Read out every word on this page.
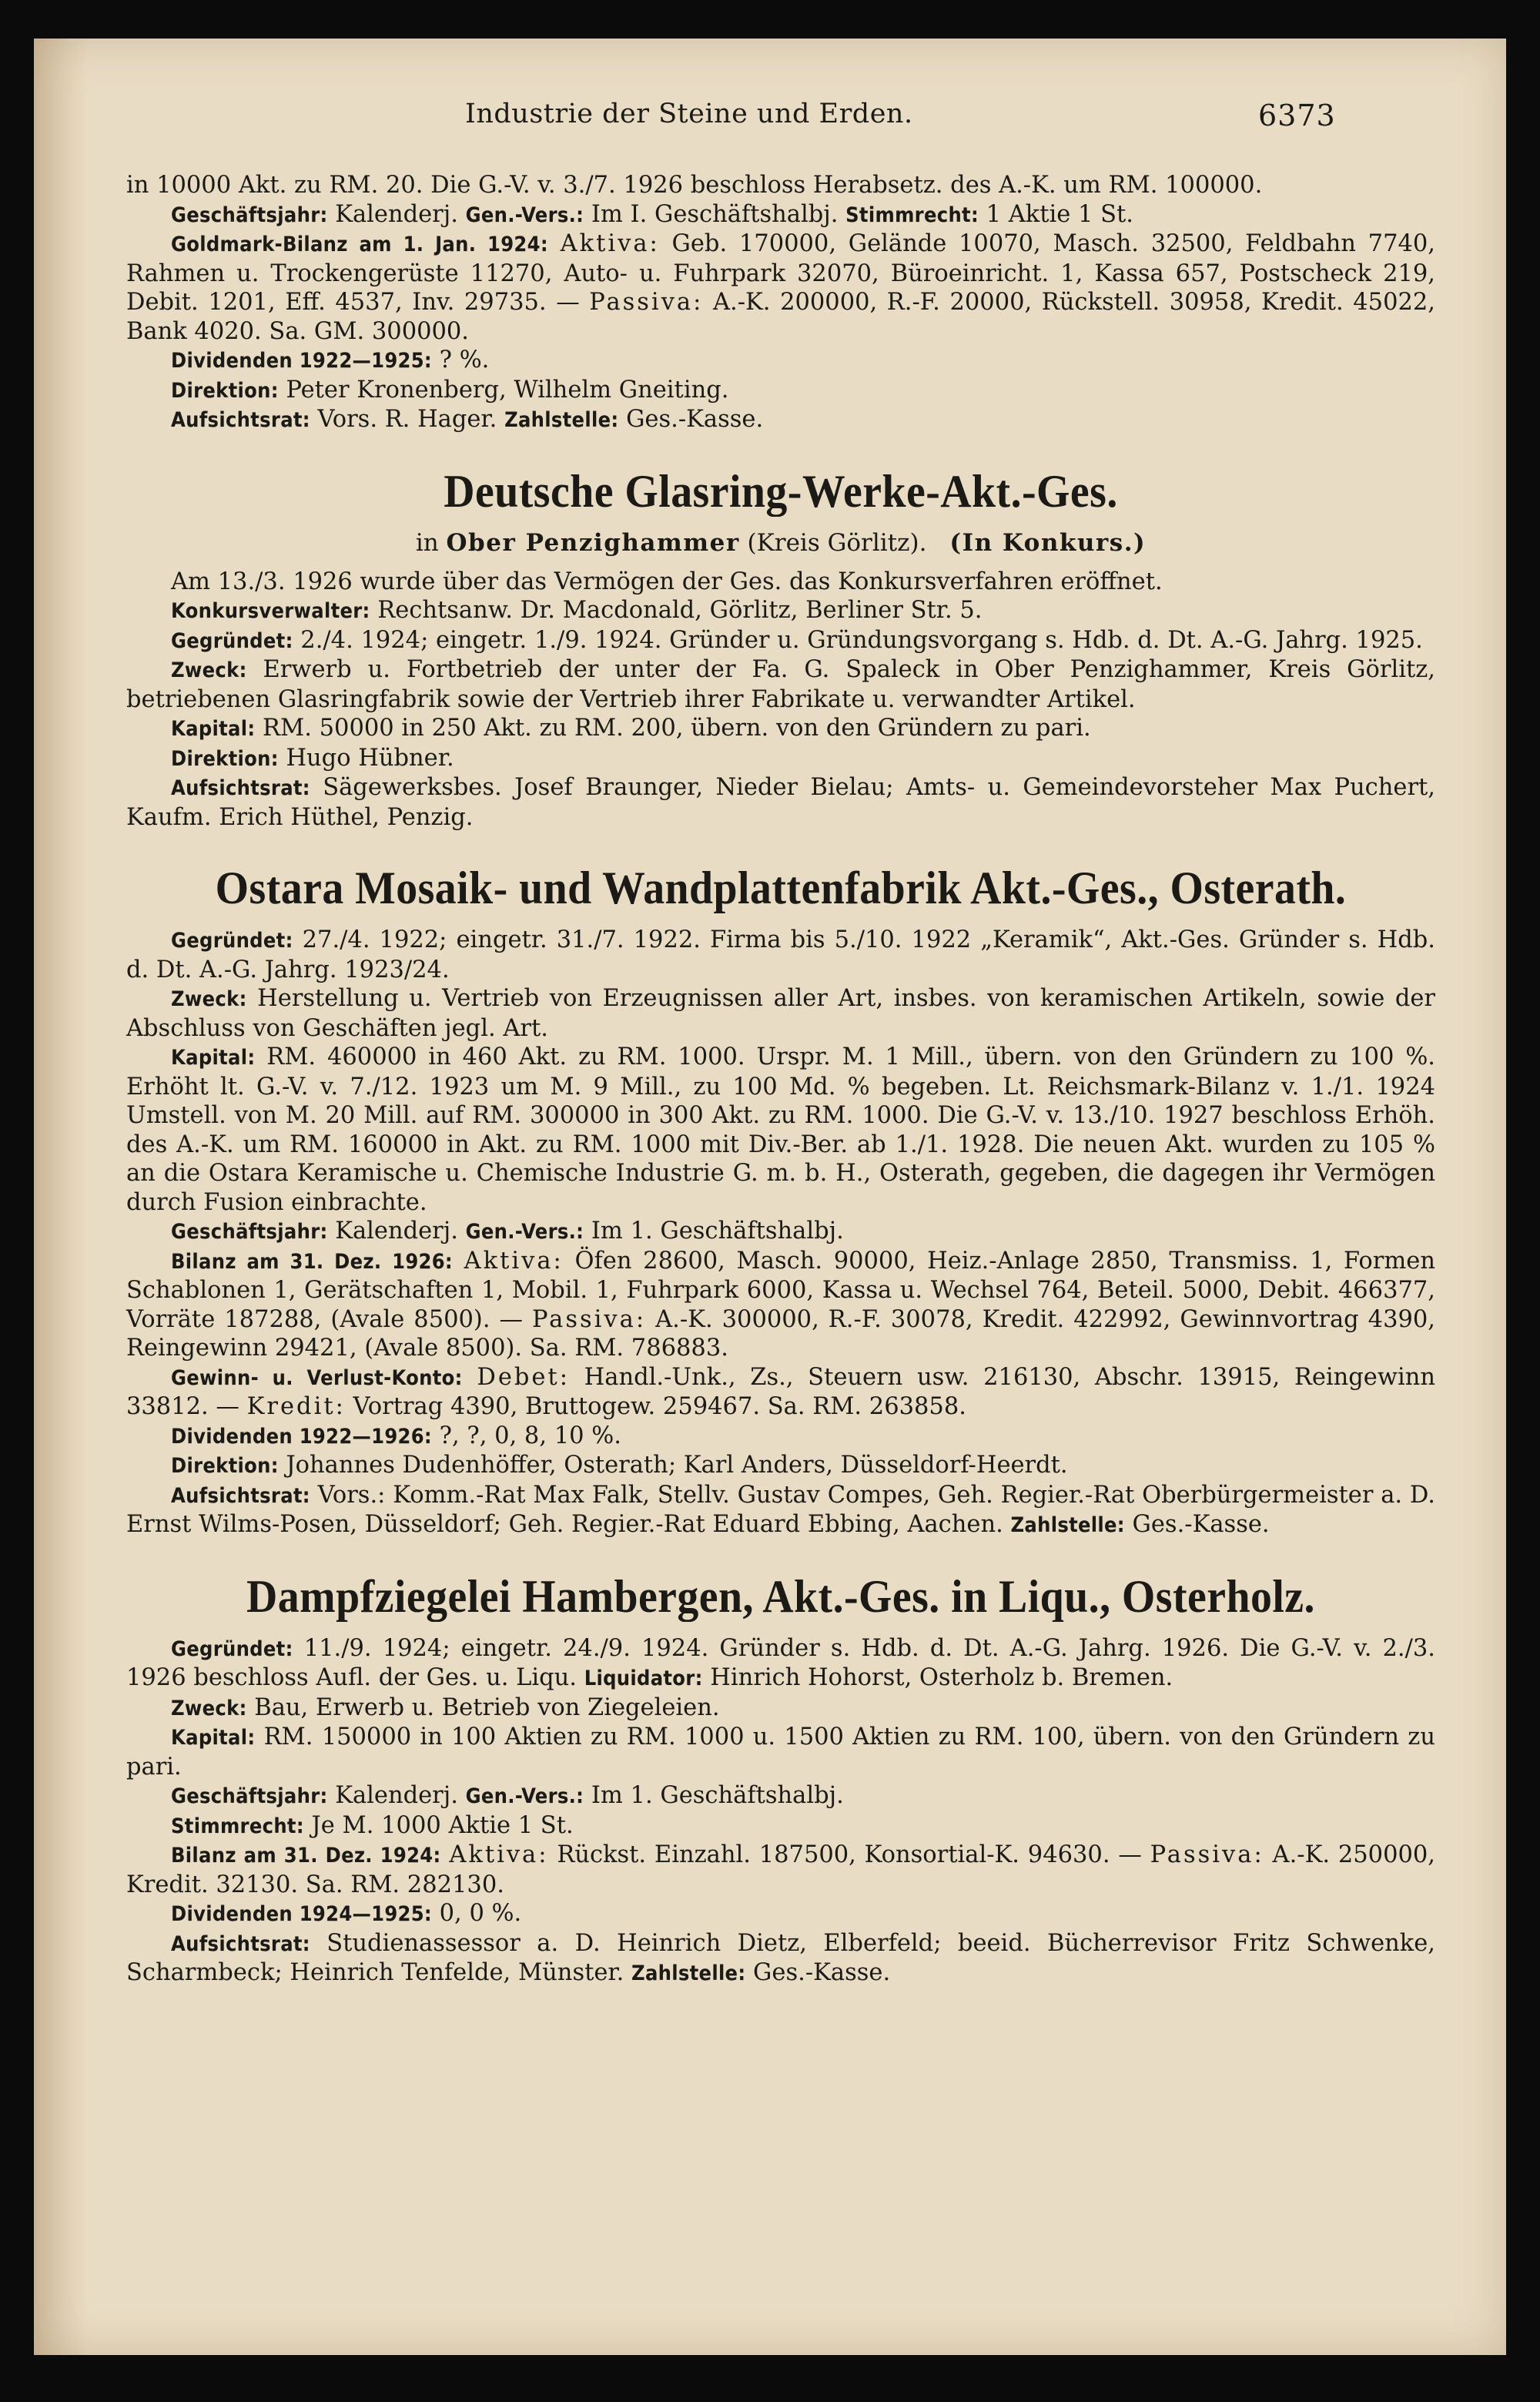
Industrie der Steine und Erden.	6373

in 10000 Akt. zu RM. 20. Die G.-V. v. 3./7. 1926 beschloss Herabsetz. des A.-K. um RM. 100000.

Geschäftsjahr: Kalenderj. Gen.-Vers.: Im I. Geschäftshalbj. Stimmrecht: 1 Aktie 1 St.

Goldmark-Bilanz am 1. Jan. 1924: Aktiva: Geb. 170000, Gelände 10070, Masch. 32500, Feldbahn 7740, Rahmen u. Trockengerüste 11270, Auto- u. Fuhrpark 32070, Büroeinricht. 1, Kassa 657, Postscheck 219, Debit. 1201, Eff. 4537, Inv. 29735. — Passiva: A.-K. 200000, R.-F. 20000, Rückstell. 30958, Kredit. 45022, Bank 4020. Sa. GM. 300000.

Dividenden 1922—1925: ? %.

Direktion: Peter Kronenberg, Wilhelm Gneiting.

Aufsichtsrat: Vors. R. Hager. Zahlstelle: Ges.-Kasse.

Deutsche Glasring-Werke-Akt.-Ges.
in Ober Penzighammer (Kreis Görlitz). (In Konkurs.)

Am 13./3. 1926 wurde über das Vermögen der Ges. das Konkursverfahren eröffnet.

Konkursverwalter: Rechtsanw. Dr. Macdonald, Görlitz, Berliner Str. 5.

Gegründet: 2./4. 1924; eingetr. 1./9. 1924. Gründer u. Gründungsvorgang s. Hdb. d. Dt. A.-G. Jahrg. 1925.

Zweck: Erwerb u. Fortbetrieb der unter der Fa. G. Spaleck in Ober Penzighammer, Kreis Görlitz, betriebenen Glasringfabrik sowie der Vertrieb ihrer Fabrikate u. verwandter Artikel.

Kapital: RM. 50000 in 250 Akt. zu RM. 200, übern. von den Gründern zu pari.

Direktion: Hugo Hübner.

Aufsichtsrat: Sägewerksbes. Josef Braunger, Nieder Bielau; Amts- u. Gemeindevorsteher Max Puchert, Kaufm. Erich Hüthel, Penzig.

Ostara Mosaik- und Wandplattenfabrik Akt.-Ges., Osterath.

Gegründet: 27./4. 1922; eingetr. 31./7. 1922. Firma bis 5./10. 1922 „Keramik“, Akt.-Ges. Gründer s. Hdb. d. Dt. A.-G. Jahrg. 1923/24.

Zweck: Herstellung u. Vertrieb von Erzeugnissen aller Art, insbes. von keramischen Artikeln, sowie der Abschluss von Geschäften jegl. Art.

Kapital: RM. 460000 in 460 Akt. zu RM. 1000. Urspr. M. 1 Mill., übern. von den Gründern zu 100 %. Erhöht lt. G.-V. v. 7./12. 1923 um M. 9 Mill., zu 100 Md. % begeben. Lt. Reichsmark-Bilanz v. 1./1. 1924 Umstell. von M. 20 Mill. auf RM. 300000 in 300 Akt. zu RM. 1000. Die G.-V. v. 13./10. 1927 beschloss Erhöh. des A.-K. um RM. 160000 in Akt. zu RM. 1000 mit Div.-Ber. ab 1./1. 1928. Die neuen Akt. wurden zu 105 % an die Ostara Keramische u. Chemische Industrie G. m. b. H., Osterath, gegeben, die dagegen ihr Vermögen durch Fusion einbrachte.

Geschäftsjahr: Kalenderj. Gen.-Vers.: Im 1. Geschäftshalbj.

Bilanz am 31. Dez. 1926: Aktiva: Öfen 28600, Masch. 90000, Heiz.-Anlage 2850, Transmiss. 1, Formen Schablonen 1, Gerätschaften 1, Mobil. 1, Fuhrpark 6000, Kassa u. Wechsel 764, Beteil. 5000, Debit. 466377, Vorräte 187288, (Avale 8500). — Passiva: A.-K. 300000, R.-F. 30078, Kredit. 422992, Gewinnvortrag 4390, Reingewinn 29421, (Avale 8500). Sa. RM. 786883.

Gewinn- u. Verlust-Konto: Debet: Handl.-Unk., Zs., Steuern usw. 216130, Abschr. 13915, Reingewinn 33812. — Kredit: Vortrag 4390, Bruttogew. 259467. Sa. RM. 263858.

Dividenden 1922—1926: ?, ?, 0, 8, 10 %.

Direktion: Johannes Dudenhöffer, Osterath; Karl Anders, Düsseldorf-Heerdt.

Aufsichtsrat: Vors.: Komm.-Rat Max Falk, Stellv. Gustav Compes, Geh. Regier.-Rat Oberbürgermeister a. D. Ernst Wilms-Posen, Düsseldorf; Geh. Regier.-Rat Eduard Ebbing, Aachen. Zahlstelle: Ges.-Kasse.

Dampfziegelei Hambergen, Akt.-Ges. in Liqu., Osterholz.

Gegründet: 11./9. 1924; eingetr. 24./9. 1924. Gründer s. Hdb. d. Dt. A.-G. Jahrg. 1926. Die G.-V. v. 2./3. 1926 beschloss Aufl. der Ges. u. Liqu. Liquidator: Hinrich Hohorst, Osterholz b. Bremen.

Zweck: Bau, Erwerb u. Betrieb von Ziegeleien.

Kapital: RM. 150000 in 100 Aktien zu RM. 1000 u. 1500 Aktien zu RM. 100, übern. von den Gründern zu pari.

Geschäftsjahr: Kalenderj. Gen.-Vers.: Im 1. Geschäftshalbj.

Stimmrecht: Je M. 1000 Aktie 1 St.

Bilanz am 31. Dez. 1924: Aktiva: Rückst. Einzahl. 187500, Konsortial-K. 94630. — Passiva: A.-K. 250000, Kredit. 32130. Sa. RM. 282130.

Dividenden 1924—1925: 0, 0 %.

Aufsichtsrat: Studienassessor a. D. Heinrich Dietz, Elberfeld; beeid. Bücherrevisor Fritz Schwenke, Scharmbeck; Heinrich Tenfelde, Münster. Zahlstelle: Ges.-Kasse.
